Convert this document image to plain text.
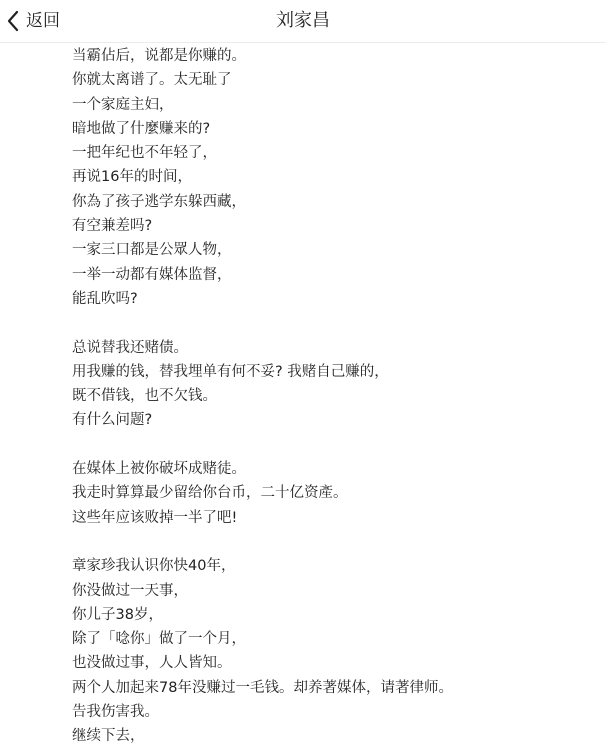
返回	刘家昌
当霸佔后，说都是你赚的。
你就太离谱了。太无耻了
一个家庭主妇，
暗地做了什麼赚来的?
一把年纪也不年轻了，
再说16年的时间，
你為了孩子逃学东躲西藏，
有空兼差吗?
一家三口都是公眾人物，
一举一动都有媒体监督，
能乱吹吗?
总说替我还赌债。
用我赚的钱，替我埋单有何不妥? 我赌自己赚的，
既不借钱，也不欠钱。
有什么问题?
在媒体上被你破坏成赌徒。
我走时算算最少留给你台币，二十亿资產。
这些年应该败掉一半了吧!
章家珍我认识你快40年，
你没做过一天事，
你儿子38岁，
除了「唸你」做了一个月，
也没做过事，人人皆知。
两个人加起来78年没赚过一毛钱。却养著媒体，请著律师。
告我伤害我。
继续下去，
